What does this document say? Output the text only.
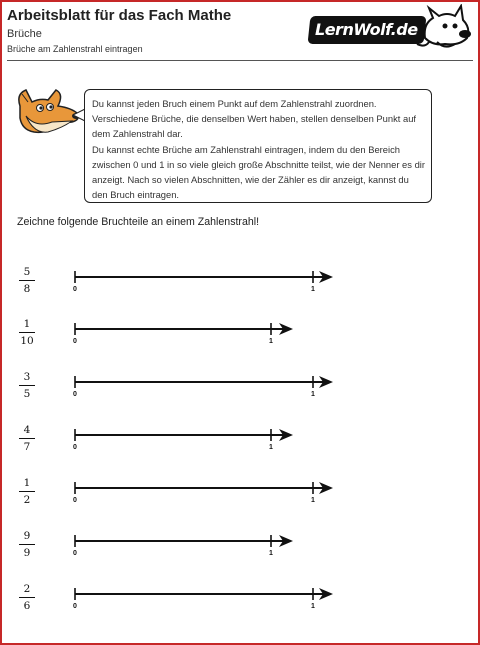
Arbeitsblatt für das Fach Mathe
Brüche
Brüche am Zahlenstrahl eintragen
LernWolf.de

Du kannst jeden Bruch einem Punkt auf dem Zahlenstrahl zuordnen. Verschiedene Brüche, die denselben Wert haben, stellen denselben Punkt auf dem Zahlenstrahl dar.

Du kannst echte Brüche am Zahlenstrahl eintragen, indem du den Bereich zwischen 0 und 1 in so viele gleich große Abschnitte teilst, wie der Nenner es dir anzeigt. Nach so vielen Abschnitten, wie der Zähler es dir anzeigt, kannst du den Bruch eintragen.

Zeichne folgende Bruchteile an einem Zahlenstrahl!
5
8	0	1
1
10	0	1
3
5	0	1
4
7	0	1
1
2	0	1
9
9	0	1
2
6	0	1
